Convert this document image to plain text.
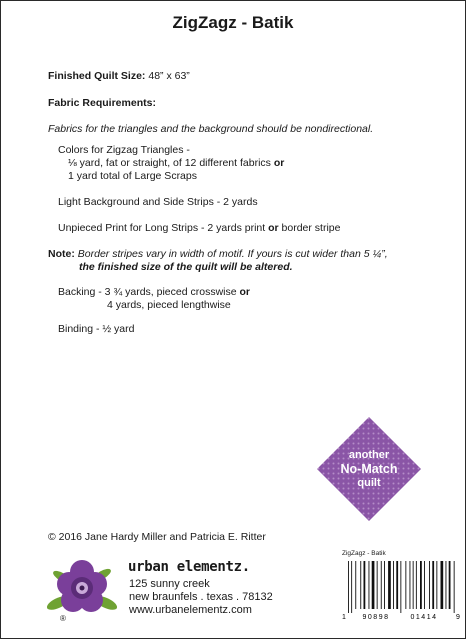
ZigZagz - Batik
Finished Quilt Size: 48” x 63”
Fabric Requirements:
Fabrics for the triangles and the background should be nondirectional.
Colors for Zigzag Triangles -
⅛ yard, fat or straight, of 12 different fabrics or
1 yard total of Large Scraps
Light Background and Side Strips - 2 yards
Unpieced Print for Long Strips - 2 yards print or border stripe
Note: Border stripes vary in width of motif. If yours is cut wider than 5 ¼”,
the finished size of the quilt will be altered.
Backing - 3 ¾ yards, pieced crosswise or
4 yards, pieced lengthwise
Binding - ½ yard
another
No-Match
quilt
© 2016 Jane Hardy Miller and Patricia E. Ritter
®
urban elementz.
125 sunny creek
new braunfels . texas . 78132
www.urbanelementz.com
ZigZagz - Batik
1 90898	01414	9
